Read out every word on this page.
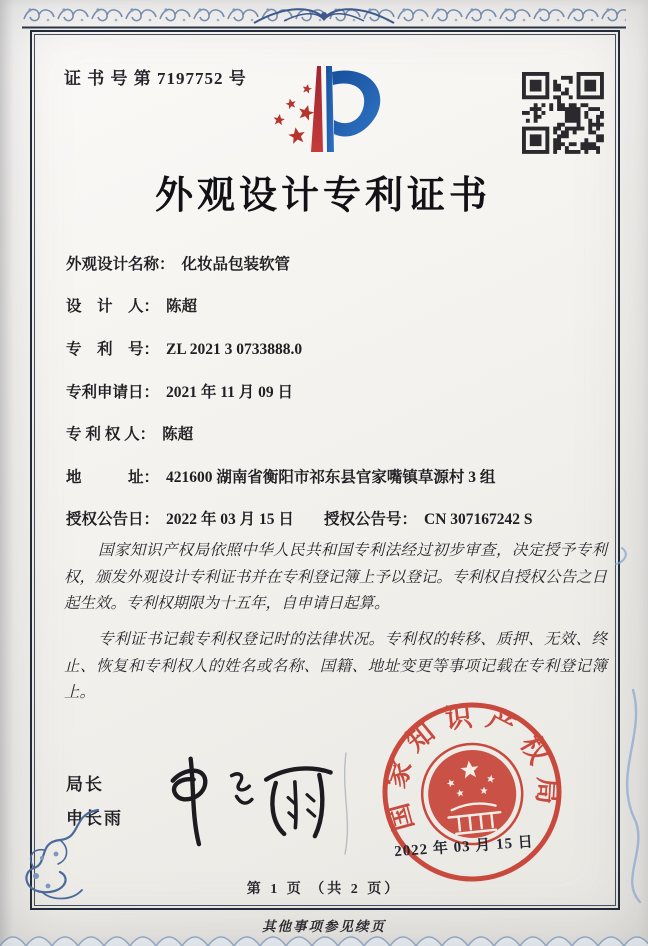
证 书 号 第 7197752 号
外观设计专利证书
外观设计名称： 化妆品包装软管
设　计　人： 陈超
专　利　号： ZL 2021 3 0733888.0
专利申请日： 2021 年 11 月 09 日
专 利 权 人： 陈超
地　　　址： 421600 湖南省衡阳市祁东县官家嘴镇草源村 3 组
授权公告日： 2022 年 03 月 15 日 授权公告号： CN 307167242 S

国家知识产权局依照中华人民共和国专利法经过初步审查，决定授予专利权，颁发外观设计专利证书并在专利登记簿上予以登记。专利权自授权公告之日起生效。专利权期限为十五年，自申请日起算。

专利证书记载专利权登记时的法律状况。专利权的转移、质押、无效、终止、恢复和专利权人的姓名或名称、国籍、地址变更等事项记载在专利登记簿上。

局长
申长雨	国家知识产权局
2022 年 03 月 15 日
第 1 页 （共 2 页）
其他事项参见续页
